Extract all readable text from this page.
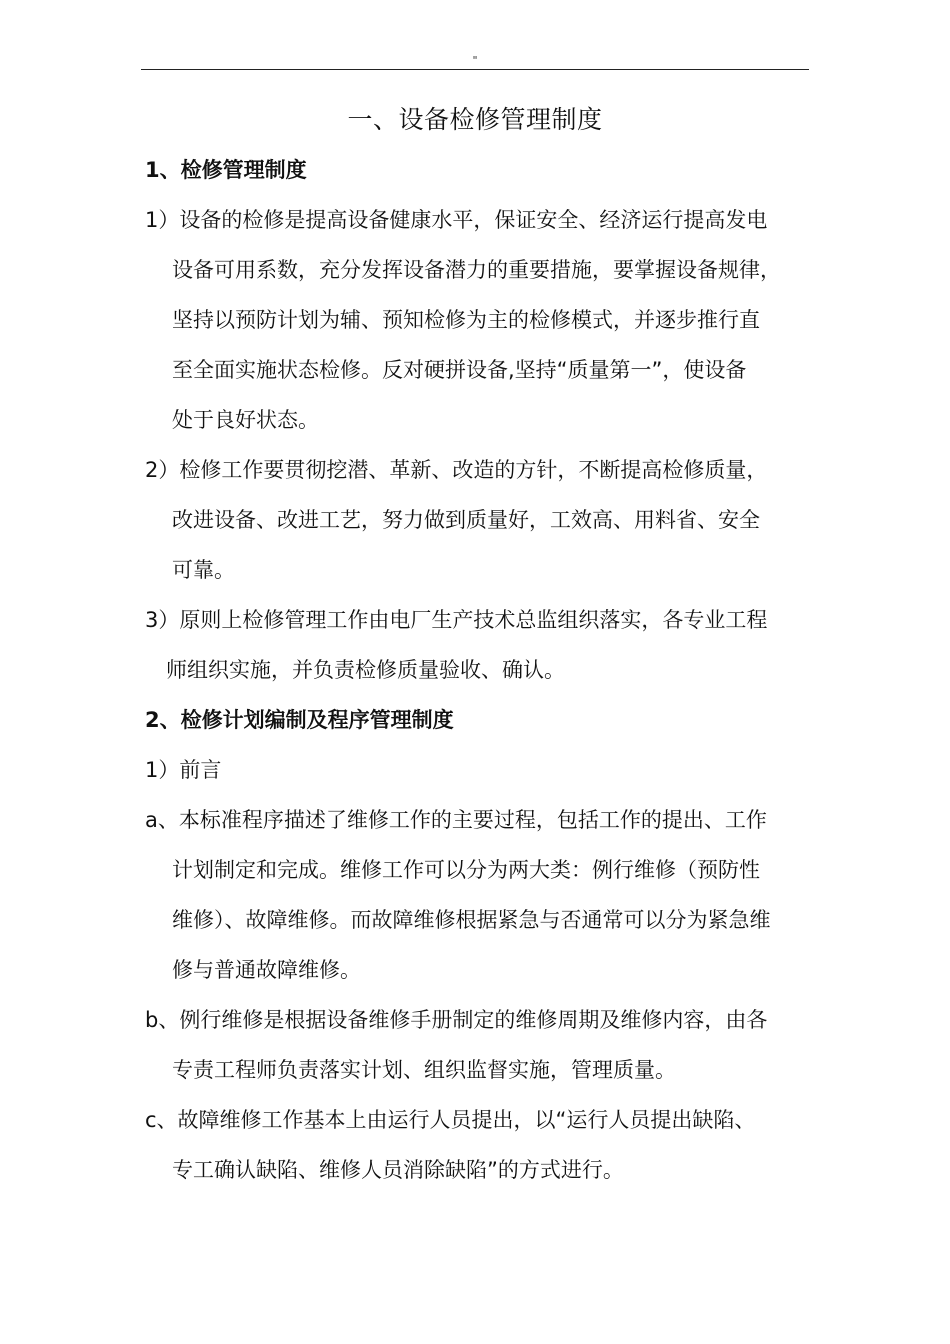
"
一、设备检修管理制度
1、检修管理制度

1）设备的检修是提高设备健康水平，保证安全、经济运行提高发电
设备可用系数，充分发挥设备潜力的重要措施，要掌握设备规律，
坚持以预防计划为辅、预知检修为主的检修模式，并逐步推行直
至全面实施状态检修。反对硬拼设备,坚持“质量第一”，使设备
处于良好状态。

2）检修工作要贯彻挖潜、革新、改造的方针，不断提高检修质量，
改进设备、改进工艺，努力做到质量好，工效高、用料省、安全
可靠。

3）原则上检修管理工作由电厂生产技术总监组织落实，各专业工程
师组织实施，并负责检修质量验收、确认。

2、检修计划编制及程序管理制度

1）前言

a、本标准程序描述了维修工作的主要过程，包括工作的提出、工作
计划制定和完成。维修工作可以分为两大类：例行维修（预防性
维修）、故障维修。而故障维修根据紧急与否通常可以分为紧急维
修与普通故障维修。

b、例行维修是根据设备维修手册制定的维修周期及维修内容，由各
专责工程师负责落实计划、组织监督实施，管理质量。

c、故障维修工作基本上由运行人员提出，以“运行人员提出缺陷、
专工确认缺陷、维修人员消除缺陷”的方式进行。
